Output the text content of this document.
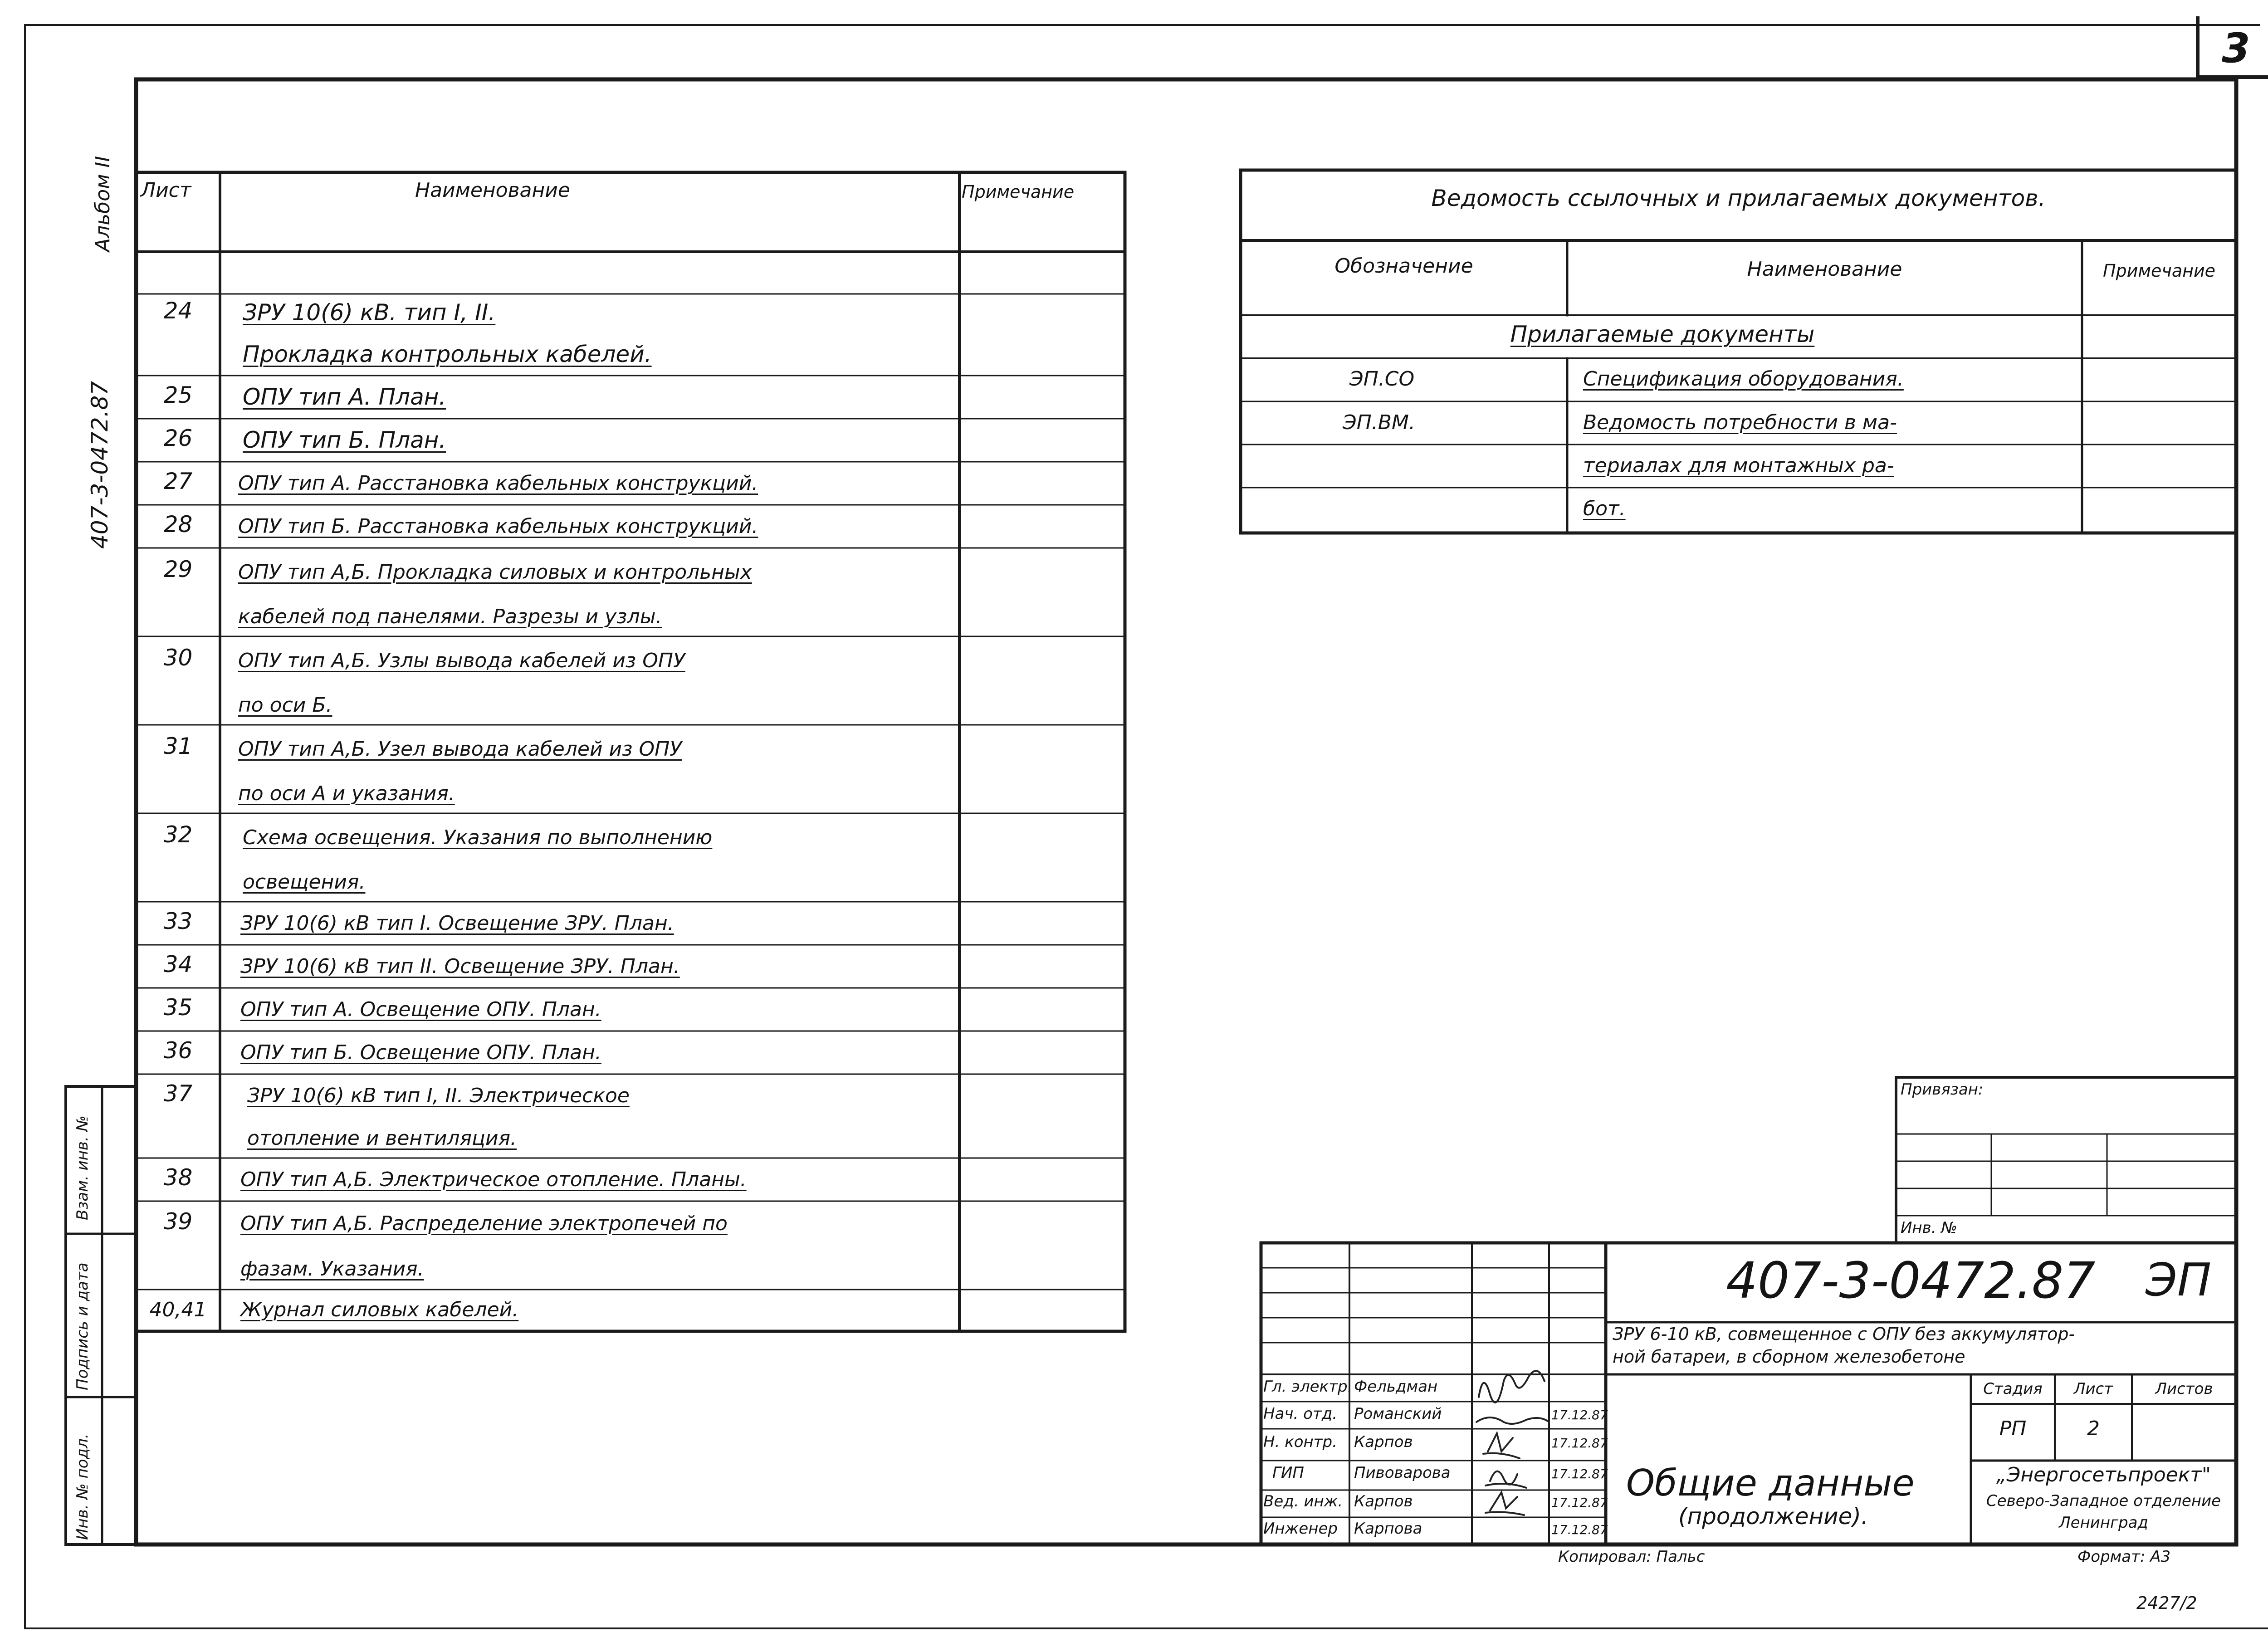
3
Альбом II
407-3-0472.87
Взам. инв. №
Подпись и дата
Инв. № подл.
Лист	Наименование	Примечание
24	ЗРУ 10(6) кВ. тип I, II.
Прокладка контрольных кабелей.
25	ОПУ тип А. План.
26	ОПУ тип Б. План.
27	ОПУ тип А. Расстановка кабельных конструкций.
28	ОПУ тип Б. Расстановка кабельных конструкций.
29	ОПУ тип А,Б. Прокладка силовых и контрольных
кабелей под панелями. Разрезы и узлы.
30	ОПУ тип А,Б. Узлы вывода кабелей из ОПУ
по оси Б.
31	ОПУ тип А,Б. Узел вывода кабелей из ОПУ
по оси А и указания.
32	Схема освещения. Указания по выполнению
освещения.
33	ЗРУ 10(6) кВ тип I. Освещение ЗРУ. План.
34	ЗРУ 10(6) кВ тип II. Освещение ЗРУ. План.
35	ОПУ тип А. Освещение ОПУ. План.
36	ОПУ тип Б. Освещение ОПУ. План.
37	ЗРУ 10(6) кВ тип I, II. Электрическое
отопление и вентиляция.
38	ОПУ тип А,Б. Электрическое отопление. Планы.
39	ОПУ тип А,Б. Распределение электропечей по
фазам. Указания.
40,41	Журнал силовых кабелей.
Ведомость ссылочных и прилагаемых документов.
Обозначение	Наименование	Примечание
Прилагаемые документы
ЭП.СО	Спецификация оборудования.
ЭП.ВМ.	Ведомость потребности в ма-
териалах для монтажных ра-
бот.
Привязан:
Инв. №
407-3-0472.87 ЭП
ЗРУ 6-10 кВ, совмещенное с ОПУ без аккумулятор-
ной батареи, в сборном железобетоне
Стадия	Лист	Листов
РП	2
Общие данные
(продолжение).
„Энергосетьпроект"
Северо-Западное отделение
Ленинград
Гл. электр. Фельдман
Нач. отд. Романский	17.12.87
Н. контр. Карпов	17.12.87
ГИП	Пивоварова	17.12.87
Вед. инж. Карпов	17.12.87
Инженер Карпова	17.12.87
Копировал: Пальс	Формат: А3
2427/2
